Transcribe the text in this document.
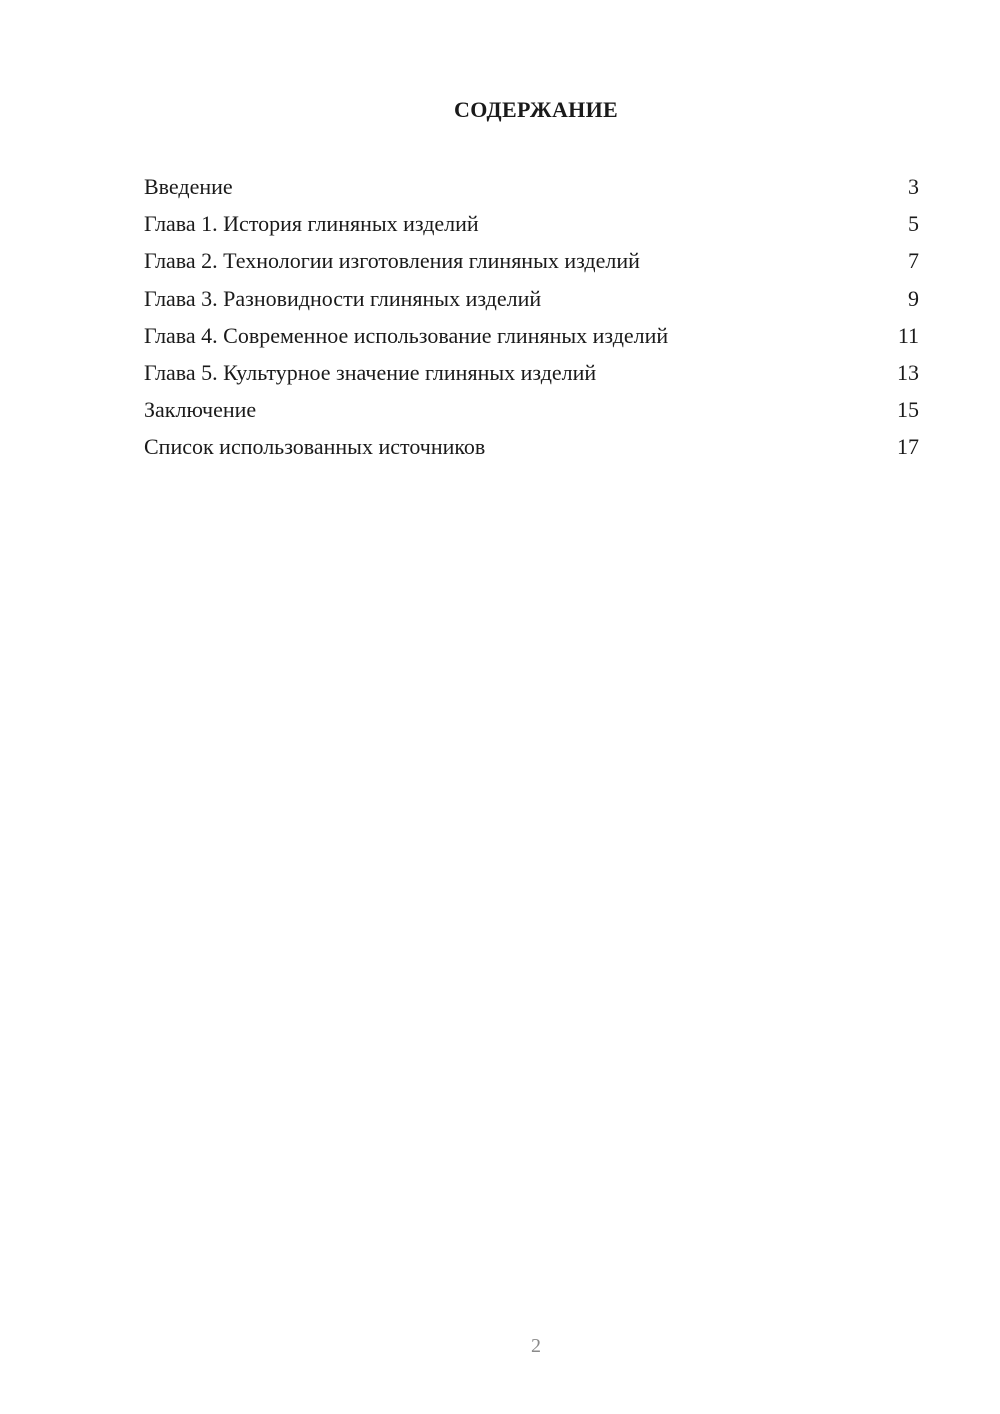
СОДЕРЖАНИЕ
Введение	3
Глава 1. История глиняных изделий	5
Глава 2. Технологии изготовления глиняных изделий	7
Глава 3. Разновидности глиняных изделий	9
Глава 4. Современное использование глиняных изделий	11
Глава 5. Культурное значение глиняных изделий	13
Заключение	15
Список использованных источников	17
2
